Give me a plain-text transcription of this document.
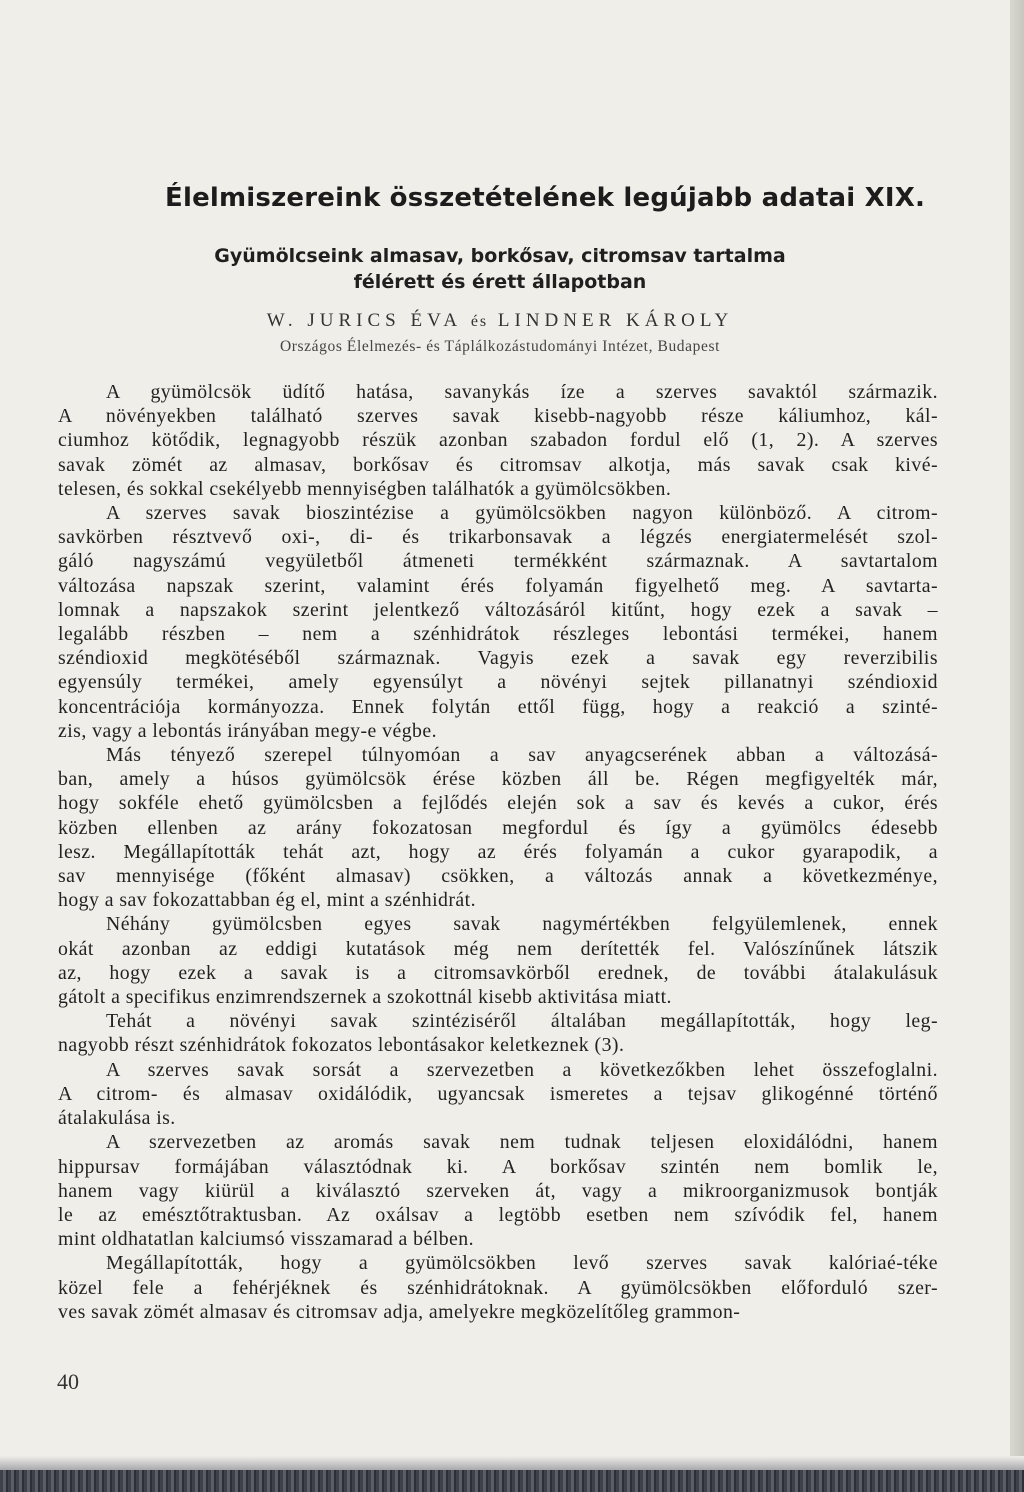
Élelmiszereink összetételének legújabb adatai XIX.
Gyümölcseink almasav, borkősav, citromsav tartalma
félérett és érett állapotban
W. JURICS ÉVA és LINDNER KÁROLY
Országos Élelmezés- és Táplálkozástudományi Intézet, Budapest
A gyümölcsök üdítő hatása, savanykás íze a szerves savaktól származik.
A növényekben található szerves savak kisebb-nagyobb része káliumhoz, kál-
ciumhoz kötődik, legnagyobb részük azonban szabadon fordul elő (1, 2). A szerves
savak zömét az almasav, borkősav és citromsav alkotja, más savak csak kivé-
telesen, és sokkal csekélyebb mennyiségben találhatók a gyümölcsökben.
A szerves savak bioszintézise a gyümölcsökben nagyon különböző. A citrom-
savkörben résztvevő oxi-, di- és trikarbonsavak a légzés energiatermelését szol-
gáló nagyszámú vegyületből átmeneti termékként származnak. A savtartalom
változása napszak szerint, valamint érés folyamán figyelhető meg. A savtarta-
lomnak a napszakok szerint jelentkező változásáról kitűnt, hogy ezek a savak –
legalább részben – nem a szénhidrátok részleges lebontási termékei, hanem
széndioxid megkötéséből származnak. Vagyis ezek a savak egy reverzibilis
egyensúly termékei, amely egyensúlyt a növényi sejtek pillanatnyi széndioxid
koncentrációja kormányozza. Ennek folytán ettől függ, hogy a reakció a szinté-
zis, vagy a lebontás irányában megy-e végbe.
Más tényező szerepel túlnyomóan a sav anyagcserének abban a változásá-
ban, amely a húsos gyümölcsök érése közben áll be. Régen megfigyelték már,
hogy sokféle ehető gyümölcsben a fejlődés elején sok a sav és kevés a cukor, érés
közben ellenben az arány fokozatosan megfordul és így a gyümölcs édesebb
lesz. Megállapították tehát azt, hogy az érés folyamán a cukor gyarapodik, a
sav mennyisége (főként almasav) csökken, a változás annak a következménye,
hogy a sav fokozattabban ég el, mint a szénhidrát.
Néhány gyümölcsben egyes savak nagymértékben felgyülemlenek, ennek
okát azonban az eddigi kutatások még nem derítették fel. Valószínűnek látszik
az, hogy ezek a savak is a citromsavkörből erednek, de további átalakulásuk
gátolt a specifikus enzimrendszernek a szokottnál kisebb aktivitása miatt.
Tehát a növényi savak szintéziséről általában megállapították, hogy leg-
nagyobb részt szénhidrátok fokozatos lebontásakor keletkeznek (3).
A szerves savak sorsát a szervezetben a következőkben lehet összefoglalni.
A citrom- és almasav oxidálódik, ugyancsak ismeretes a tejsav glikogénné történő
átalakulása is.
A szervezetben az aromás savak nem tudnak teljesen eloxidálódni, hanem
hippursav formájában választódnak ki. A borkősav szintén nem bomlik le,
hanem vagy kiürül a kiválasztó szerveken át, vagy a mikroorganizmusok bontják
le az emésztőtraktusban. Az oxálsav a legtöbb esetben nem szívódik fel, hanem
mint oldhatatlan kalciumsó visszamarad a bélben.
Megállapították, hogy a gyümölcsökben levő szerves savak kalóriaé-téke
közel fele a fehérjéknek és szénhidrátoknak. A gyümölcsökben előforduló szer-
ves savak zömét almasav és citromsav adja, amelyekre megközelítőleg grammon-
40
